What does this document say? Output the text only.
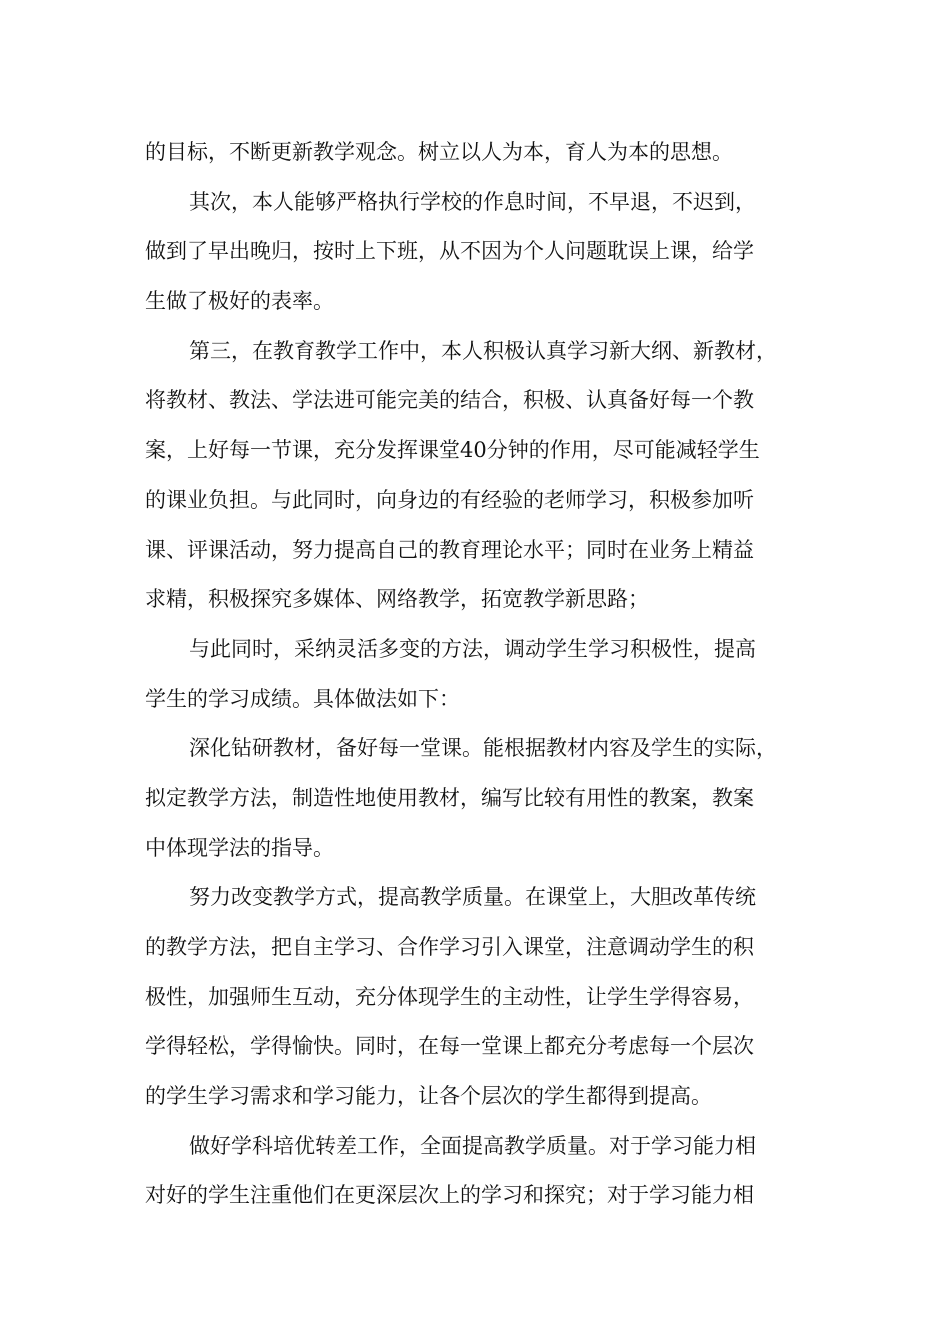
的目标，不断更新教学观念。树立以人为本，育人为本的思想。
其次，本人能够严格执行学校的作息时间，不早退，不迟到，
做到了早出晚归，按时上下班，从不因为个人问题耽误上课，给学
生做了极好的表率。
第三，在教育教学工作中，本人积极认真学习新大纲、新教材，
将教材、教法、学法进可能完美的结合，积极、认真备好每一个教
案，上好每一节课，充分发挥课堂40分钟的作用，尽可能减轻学生
的课业负担。与此同时，向身边的有经验的老师学习，积极参加听
课、评课活动，努力提高自己的教育理论水平；同时在业务上精益
求精，积极探究多媒体、网络教学，拓宽教学新思路；
与此同时，采纳灵活多变的方法，调动学生学习积极性，提高
学生的学习成绩。具体做法如下：
深化钻研教材，备好每一堂课。能根据教材内容及学生的实际，
拟定教学方法，制造性地使用教材，编写比较有用性的教案，教案
中体现学法的指导。
努力改变教学方式，提高教学质量。在课堂上，大胆改革传统
的教学方法，把自主学习、合作学习引入课堂，注意调动学生的积
极性，加强师生互动，充分体现学生的主动性，让学生学得容易，
学得轻松，学得愉快。同时，在每一堂课上都充分考虑每一个层次
的学生学习需求和学习能力，让各个层次的学生都得到提高。
做好学科培优转差工作，全面提高教学质量。对于学习能力相
对好的学生注重他们在更深层次上的学习和探究；对于学习能力相
